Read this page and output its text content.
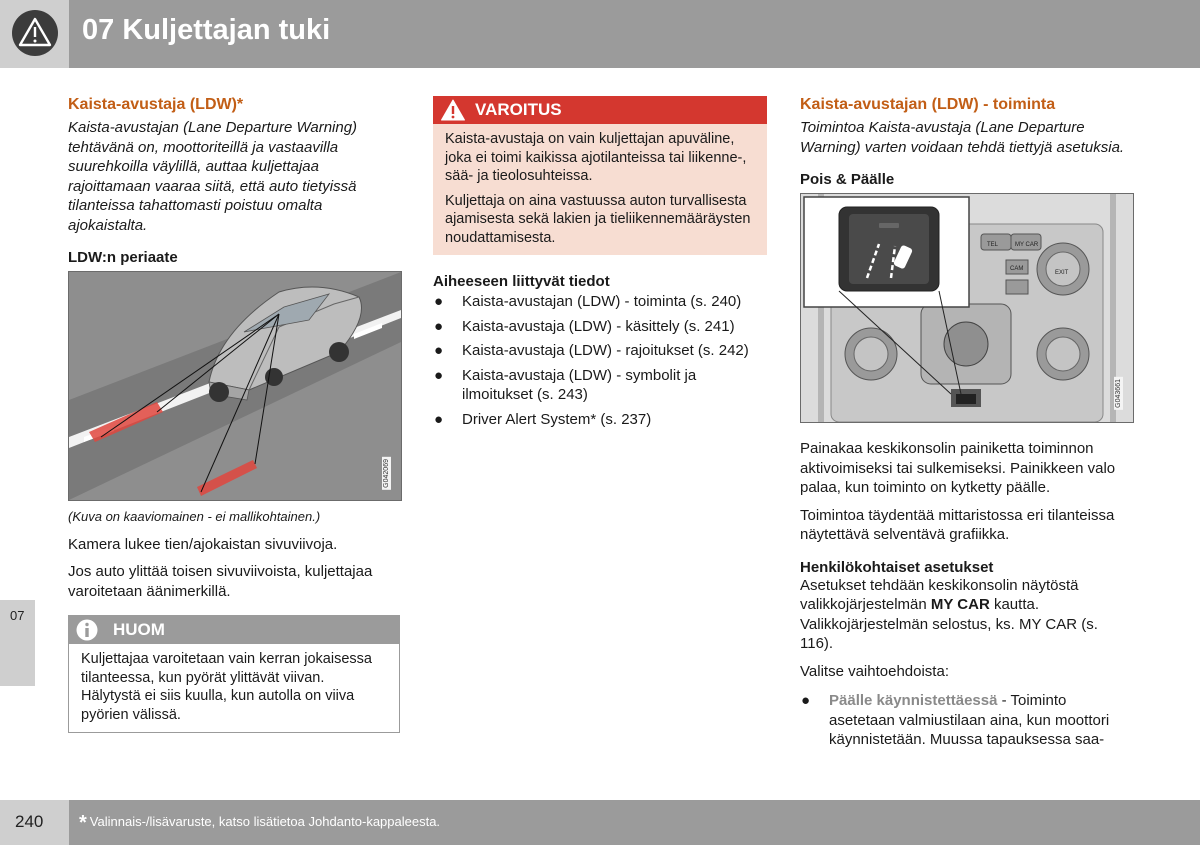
07 Kuljettajan tuki
07
Kaista-avustaja (LDW)*

Kaista-avustajan (Lane Departure Warning) tehtävänä on, moottoriteillä ja vastaavilla suurehkoilla väylillä, auttaa kuljettajaa rajoittamaan vaaraa siitä, että auto tietyissä tilanteissa tahattomasti poistuu omalta ajokaistalta.

LDW:n periaate
G042069

(Kuva on kaaviomainen - ei mallikohtainen.)

Kamera lukee tien/ajokaistan sivuviivoja.

Jos auto ylittää toisen sivuviivoista, kuljettajaa varoitetaan äänimerkillä.

HUOM

Kuljettajaa varoitetaan vain kerran jokaisessa tilanteessa, kun pyörät ylittävät viivan. Hälytystä ei siis kuulla, kun autolla on viiva pyörien välissä.

VAROITUS

Kaista-avustaja on vain kuljettajan apuväline, joka ei toimi kaikissa ajotilanteissa tai liikenne-, sää- ja tieolosuhteissa.

Kuljettaja on aina vastuussa auton turvallisesta ajamisesta sekä lakien ja tieliikennemääräysten noudattamisesta.

Aiheeseen liittyvät tiedot
● Kaista-avustajan (LDW) - toiminta (s. 240)
● Kaista-avustaja (LDW) - käsittely (s. 241)
● Kaista-avustaja (LDW) - rajoitukset (s. 242)
● Kaista-avustaja (LDW) - symbolit ja ilmoitukset (s. 243)
● Driver Alert System* (s. 237)
Kaista-avustajan (LDW) - toiminta

Toimintoa Kaista-avustaja (Lane Departure Warning) varten voidaan tehdä tiettyjä asetuksia.

Pois & Päälle
TEL	MY CAR
CAM
EXIT
G043661

Painakaa keskikonsolin painiketta toiminnon aktivoimiseksi tai sulkemiseksi. Painikkeen valo palaa, kun toiminto on kytketty päälle.

Toimintoa täydentää mittaristossa eri tilanteissa näytettävä selventävä grafiikka.

Henkilökohtaiset asetukset

Asetukset tehdään keskikonsolin näytöstä valikkojärjestelmän MY CAR kautta. Valikkojärjestelmän selostus, ks. MY CAR (s. 116).

Valitse vaihtoehdoista:

● Päälle käynnistettäessä - Toiminto asetetaan valmiustilaan aina, kun moottori käynnistetään. Muussa tapauksessa saa-
240 * Valinnais-/lisävaruste, katso lisätietoa Johdanto-kappaleesta.
